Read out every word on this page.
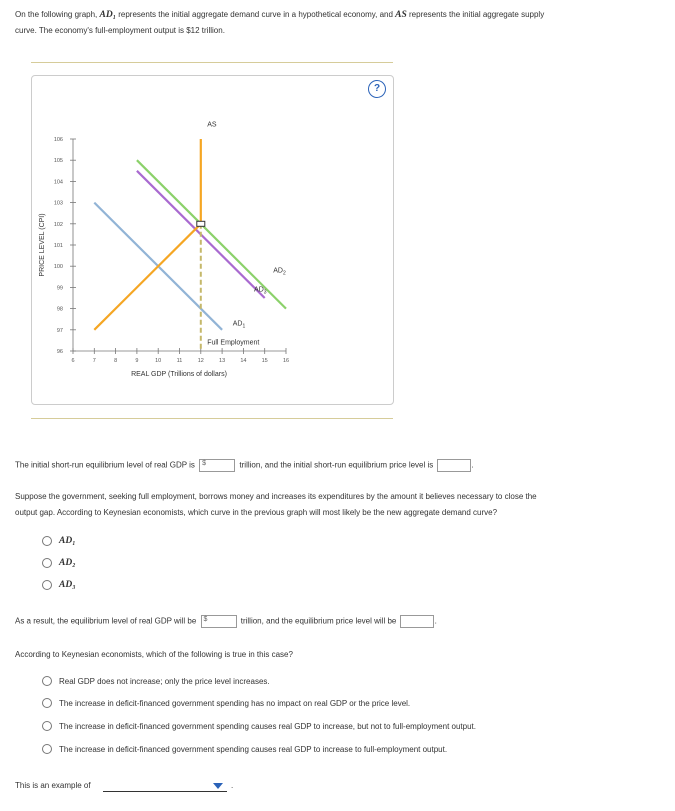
On the following graph, AD₁ represents the initial aggregate demand curve in a hypothetical economy, and AS represents the initial aggregate supply
curve. The economy's full-employment output is $12 trillion.
?
96
97
98
99
100
101
102
103
104
105
106
6	7	8	9	10	11	12	13	14	15	16
AS
$AD_1$
$AD_2$
$AD_3$
Full Employment
REAL GDP (Trillions of dollars)
PRICE LEVEL (CPI)
The initial short-run equilibrium level of real GDP is $	trillion, and the initial short-run equilibrium price level is	.
Suppose the government, seeking full employment, borrows money and increases its expenditures by the amount it believes necessary to close the
output gap. According to Keynesian economists, which curve in the previous graph will most likely be the new aggregate demand curve?
AD₁
AD₂
AD₃
As a result, the equilibrium level of real GDP will be $	trillion, and the equilibrium price level will be	.
According to Keynesian economists, which of the following is true in this case?
Real GDP does not increase; only the price level increases.
The increase in deficit-financed government spending has no impact on real GDP or the price level.
The increase in deficit-financed government spending causes real GDP to increase, but not to full-employment output.
The increase in deficit-financed government spending causes real GDP to increase to full-employment output.
This is an example of	.
